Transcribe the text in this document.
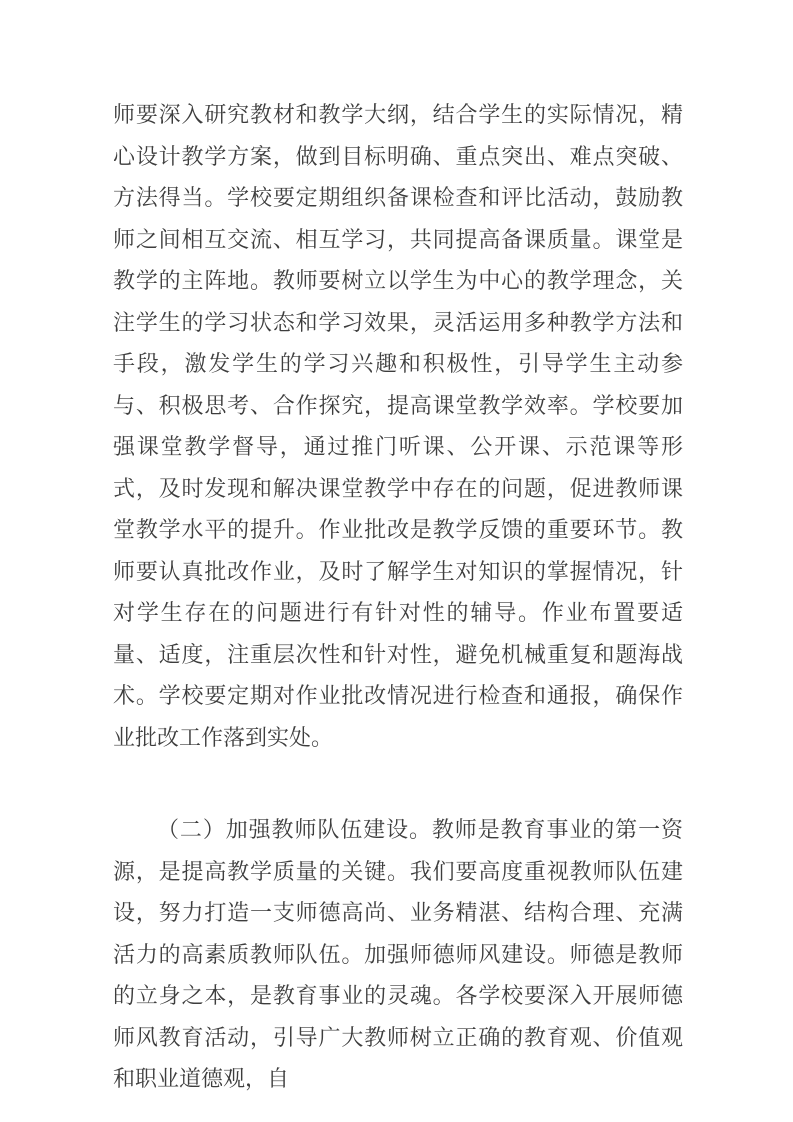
师要深入研究教材和教学大纲，结合学生的实际情况，精心设计教学方案，做到目标明确、重点突出、难点突破、方法得当。学校要定期组织备课检查和评比活动，鼓励教师之间相互交流、相互学习，共同提高备课质量。课堂是教学的主阵地。教师要树立以学生为中心的教学理念，关注学生的学习状态和学习效果，灵活运用多种教学方法和手段，激发学生的学习兴趣和积极性，引导学生主动参与、积极思考、合作探究，提高课堂教学效率。学校要加强课堂教学督导，通过推门听课、公开课、示范课等形式，及时发现和解决课堂教学中存在的问题，促进教师课堂教学水平的提升。作业批改是教学反馈的重要环节。教师要认真批改作业，及时了解学生对知识的掌握情况，针对学生存在的问题进行有针对性的辅导。作业布置要适量、适度，注重层次性和针对性，避免机械重复和题海战术。学校要定期对作业批改情况进行检查和通报，确保作业批改工作落到实处。

（二）加强教师队伍建设。教师是教育事业的第一资源，是提高教学质量的关键。我们要高度重视教师队伍建设，努力打造一支师德高尚、业务精湛、结构合理、充满活力的高素质教师队伍。加强师德师风建设。师德是教师的立身之本，是教育事业的灵魂。各学校要深入开展师德师风教育活动，引导广大教师树立正确的教育观、价值观和职业道德观，自
